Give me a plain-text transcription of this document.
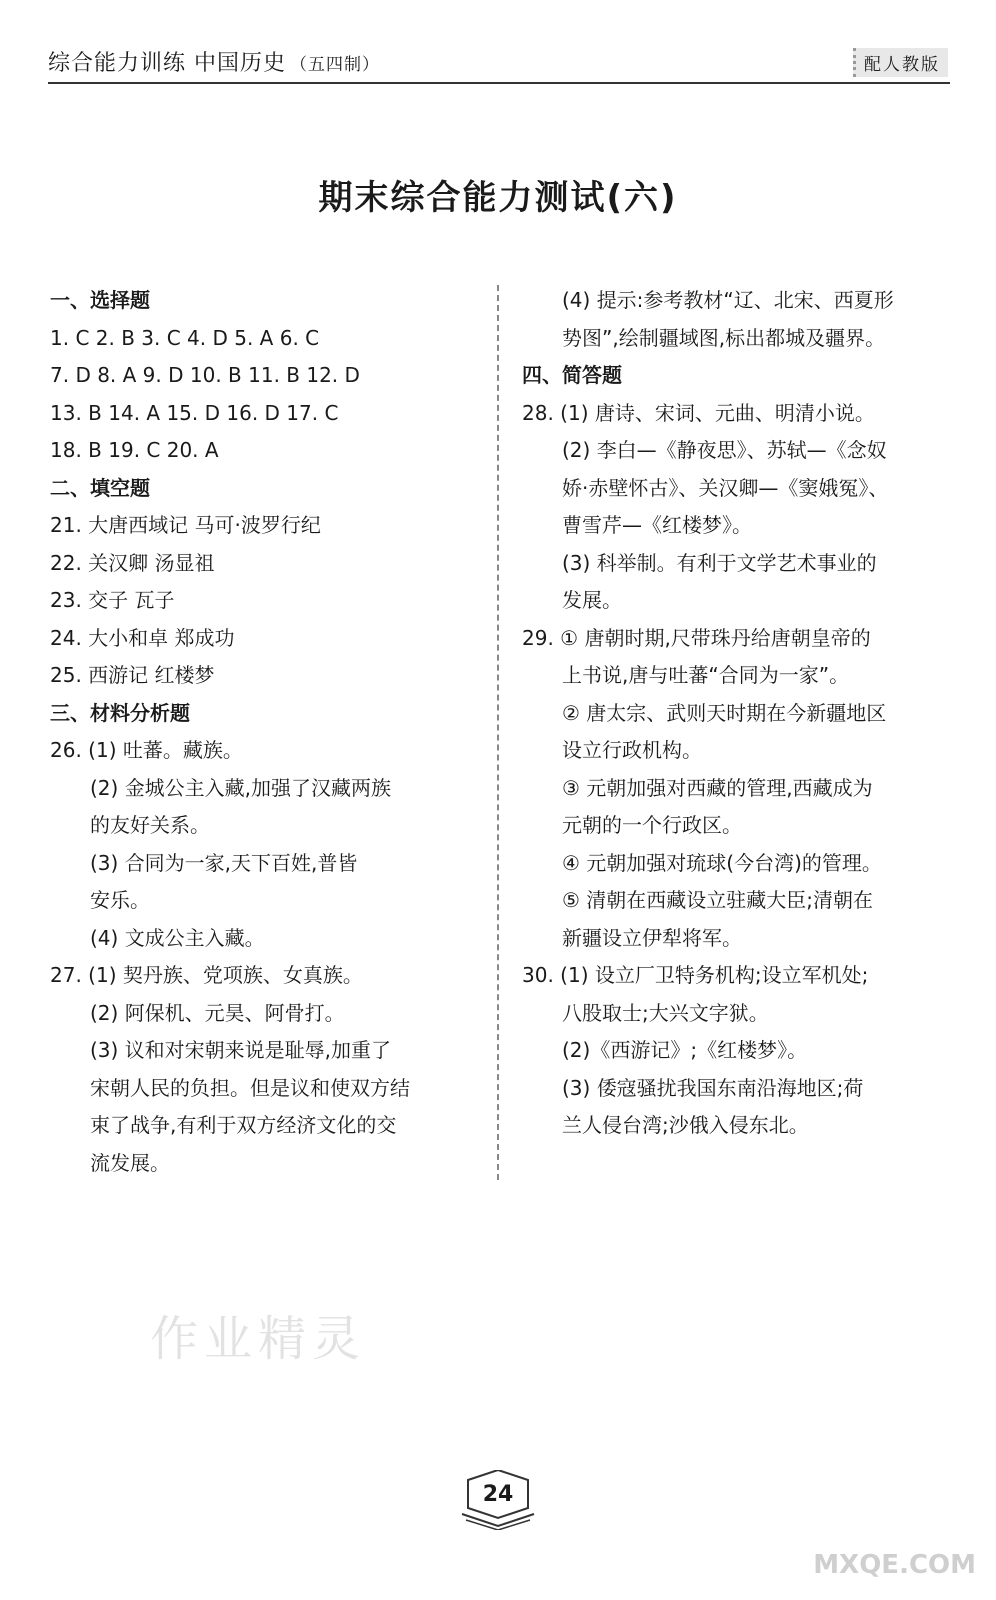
综合能力训练 中国历史 （五四制）	配人教版
期末综合能力测试(六)
一、选择题
1. C 2. B 3. C 4. D 5. A 6. C
7. D 8. A 9. D 10. B 11. B 12. D
13. B 14. A 15. D 16. D 17. C
18. B 19. C 20. A
二、填空题
21. 大唐西域记 马可·波罗行纪
22. 关汉卿 汤显祖
23. 交子 瓦子
24. 大小和卓 郑成功
25. 西游记 红楼梦
三、材料分析题
26. (1) 吐蕃。藏族。
(2) 金城公主入藏,加强了汉藏两族
的友好关系。
(3) 合同为一家,天下百姓,普皆
安乐。
(4) 文成公主入藏。
27. (1) 契丹族、党项族、女真族。
(2) 阿保机、元昊、阿骨打。
(3) 议和对宋朝来说是耻辱,加重了
宋朝人民的负担。但是议和使双方结
束了战争,有利于双方经济文化的交
流发展。
(4) 提示:参考教材“辽、北宋、西夏形
势图”,绘制疆域图,标出都城及疆界。
四、简答题
28. (1) 唐诗、宋词、元曲、明清小说。
(2) 李白—《静夜思》、苏轼—《念奴
娇·赤壁怀古》、关汉卿—《窦娥冤》、
曹雪芹—《红楼梦》。
(3) 科举制。有利于文学艺术事业的
发展。
29. ① 唐朝时期,尺带珠丹给唐朝皇帝的
上书说,唐与吐蕃“合同为一家”。
② 唐太宗、武则天时期在今新疆地区
设立行政机构。
③ 元朝加强对西藏的管理,西藏成为
元朝的一个行政区。
④ 元朝加强对琉球(今台湾)的管理。
⑤ 清朝在西藏设立驻藏大臣;清朝在
新疆设立伊犁将军。
30. (1) 设立厂卫特务机构;设立军机处;
八股取士;大兴文字狱。
(2)《西游记》;《红楼梦》。
(3) 倭寇骚扰我国东南沿海地区;荷
兰人侵台湾;沙俄入侵东北。
作业精灵
24
MXQE.COM
